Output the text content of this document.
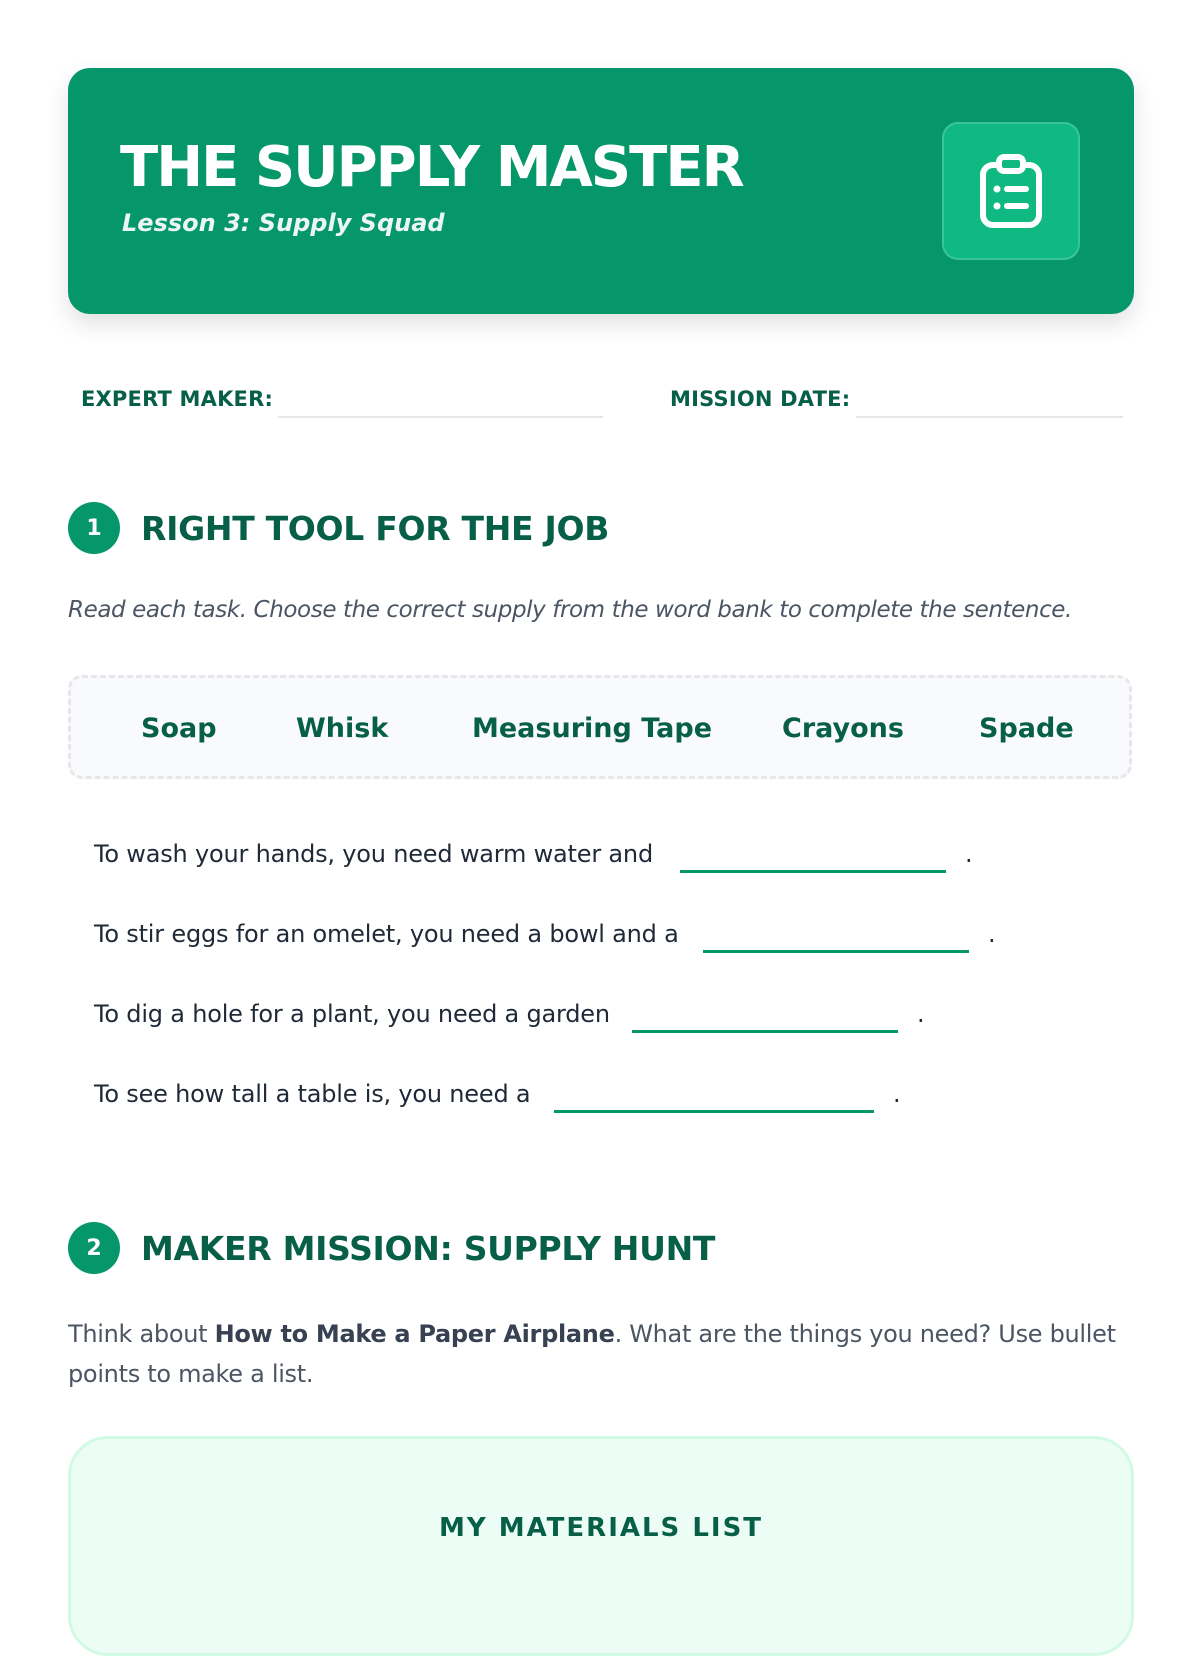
THE SUPPLY MASTER
Lesson 3: Supply Squad
EXPERT MAKER:	MISSION DATE:
1	RIGHT TOOL FOR THE JOB
Read each task. Choose the correct supply from the word bank to complete the sentence.
Soap	Whisk	Measuring Tape	Crayons	Spade
To wash your hands, you need warm water and	.
To stir eggs for an omelet, you need a bowl and a	.
To dig a hole for a plant, you need a garden	.
To see how tall a table is, you need a	.
2	MAKER MISSION: SUPPLY HUNT
Think about How to Make a Paper Airplane. What are the things you need? Use bullet points to make a list.
MY MATERIALS LIST
